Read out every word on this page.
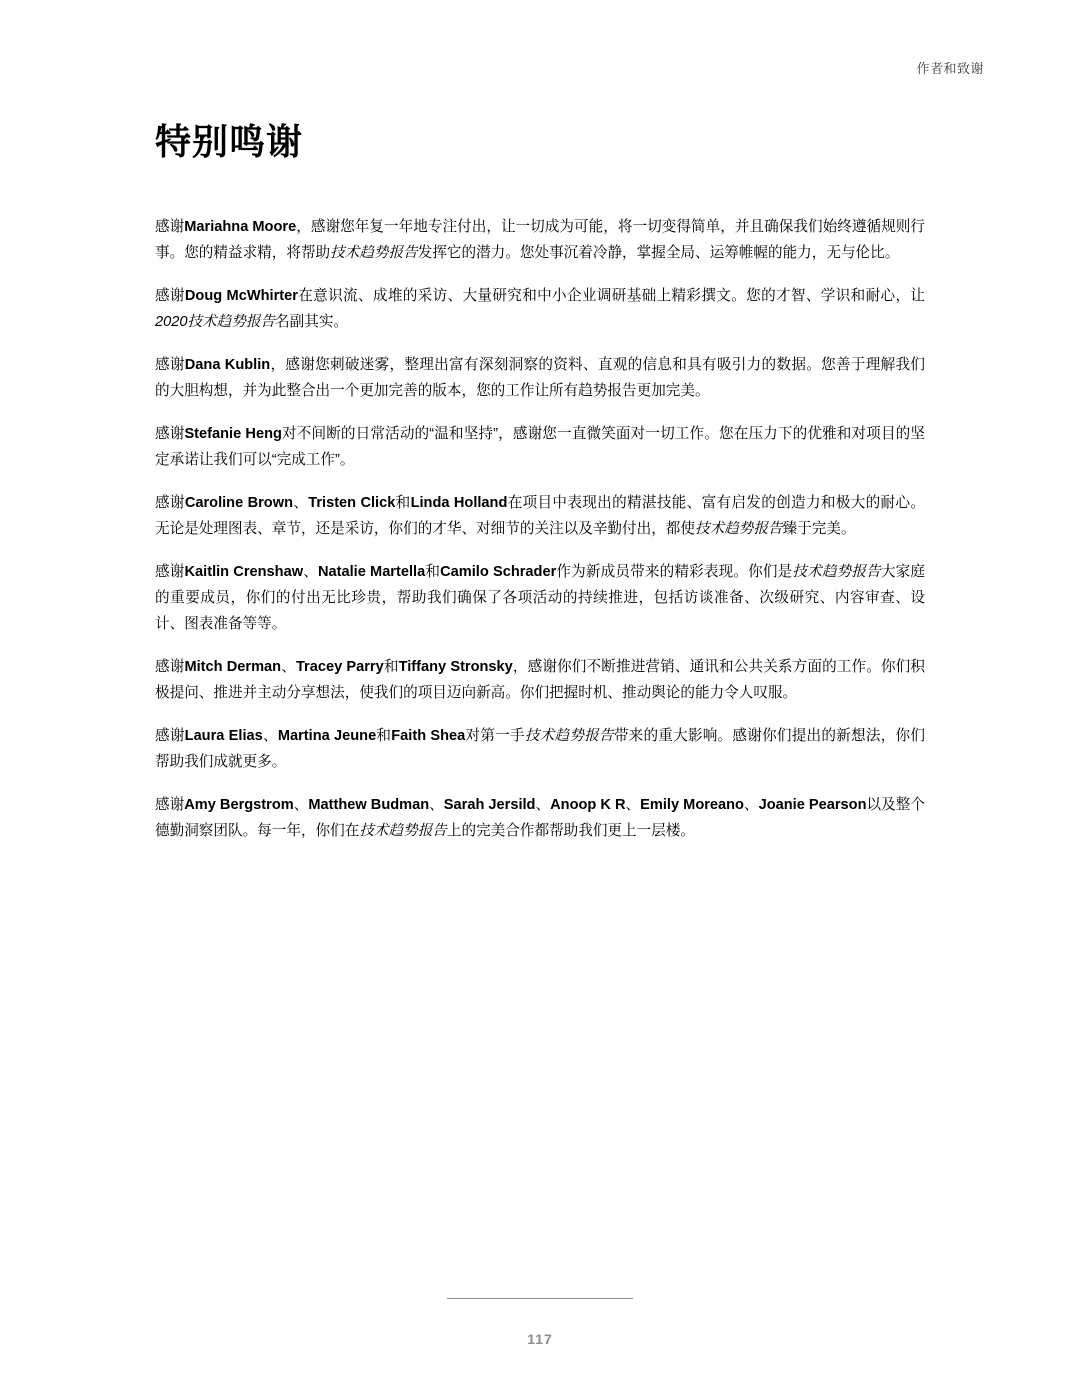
作者和致谢
特别鸣谢
感谢Mariahna Moore，感谢您年复一年地专注付出，让一切成为可能，将一切变得简单，并且确保我们始终遵循规则行事。您的精益求精，将帮助技术趋势报告发挥它的潜力。您处事沉着冷静，掌握全局、运筹帷幄的能力，无与伦比。
感谢Doug McWhirter在意识流、成堆的采访、大量研究和中小企业调研基础上精彩撰文。您的才智、学识和耐心，让2020技术趋势报告名副其实。
感谢Dana Kublin，感谢您刺破迷雾，整理出富有深刻洞察的资料、直观的信息和具有吸引力的数据。您善于理解我们的大胆构想，并为此整合出一个更加完善的版本，您的工作让所有趋势报告更加完美。
感谢Stefanie Heng对不间断的日常活动的“温和坚持”，感谢您一直微笑面对一切工作。您在压力下的优雅和对项目的坚定承诺让我们可以“完成工作”。
感谢Caroline Brown、Tristen Click和Linda Holland在项目中表现出的精湛技能、富有启发的创造力和极大的耐心。无论是处理图表、章节，还是采访，你们的才华、对细节的关注以及辛勤付出，都使技术趋势报告臻于完美。
感谢Kaitlin Crenshaw、Natalie Martella和Camilo Schrader作为新成员带来的精彩表现。你们是技术趋势报告大家庭的重要成员，你们的付出无比珍贵，帮助我们确保了各项活动的持续推进，包括访谈准备、次级研究、内容审查、设计、图表准备等等。
感谢Mitch Derman、Tracey Parry和Tiffany Stronsky，感谢你们不断推进营销、通讯和公共关系方面的工作。你们积极提问、推进并主动分享想法，使我们的项目迈向新高。你们把握时机、推动舆论的能力令人叹服。
感谢Laura Elias、Martina Jeune和Faith Shea对第一手技术趋势报告带来的重大影响。感谢你们提出的新想法，你们帮助我们成就更多。
感谢Amy Bergstrom、Matthew Budman、Sarah Jersild、Anoop K R、Emily Moreano、Joanie Pearson以及整个德勤洞察团队。每一年，你们在技术趋势报告上的完美合作都帮助我们更上一层楼。
117
